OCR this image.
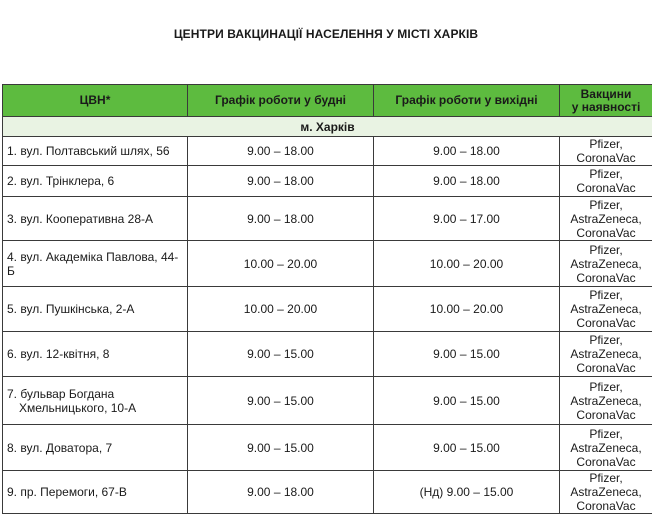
ЦЕНТРИ ВАКЦИНАЦІЇ НАСЕЛЕННЯ У МІСТІ ХАРКІВ
ЦВН*	Графік роботи у будні	Графік роботи у вихідні	Вакцини
у наявності

м. Харків			

1. вул. Полтавський шлях, 56	9.00 – 18.00	9.00 – 18.00	Pfizer,
CoronaVac

2. вул. Трінклера, 6	9.00 – 18.00	9.00 – 18.00	Pfizer,
CoronaVac

3. вул. Кооперативна 28-А	9.00 – 18.00	9.00 – 17.00	Pfizer,
AstraZeneca,
CoronaVac

4. вул. Академіка Павлова, 44-Б	10.00 – 20.00	10.00 – 20.00	Pfizer,
AstraZeneca,
CoronaVac

5. вул. Пушкінська, 2-А	10.00 – 20.00	10.00 – 20.00	Pfizer,
AstraZeneca,
CoronaVac

6. вул. 12-квітня, 8	9.00 – 15.00	9.00 – 15.00	Pfizer,
AstraZeneca,
CoronaVac

7. бульвар Богдана
Хмельницького, 10-А	9.00 – 15.00	9.00 – 15.00	Pfizer,
AstraZeneca,
CoronaVac

8. вул. Доватора, 7	9.00 – 15.00	9.00 – 15.00	Pfizer,
AstraZeneca,
CoronaVac

9. пр. Перемоги, 67-В	9.00 – 18.00	(Нд) 9.00 – 15.00	Pfizer,
AstraZeneca,
CoronaVac
